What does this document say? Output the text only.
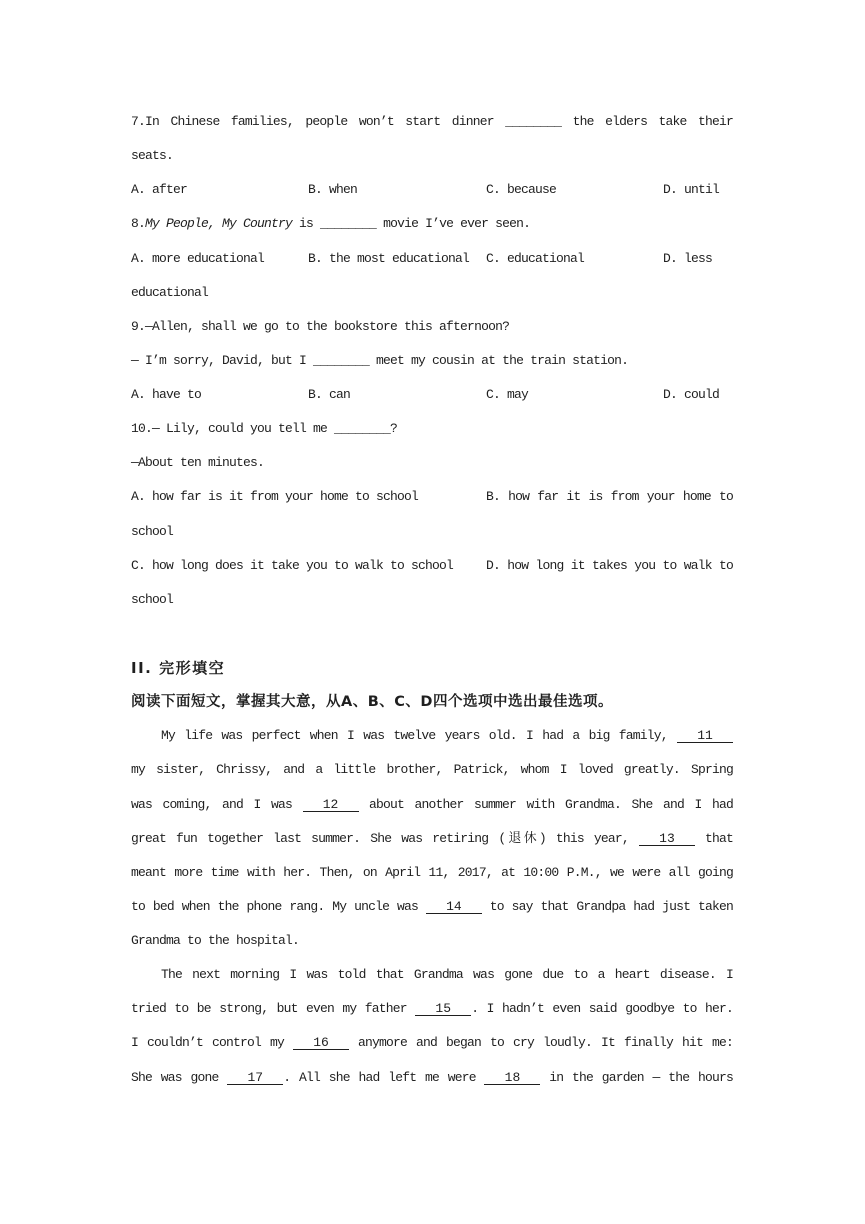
7.In Chinese families, people won’t start dinner ________ the elders take their
seats.
A. after	B. when	C. because	D. until
8.My People, My Country is ________ movie I’ve ever seen.
A. more educational	B. the most educational C. educational	D. less
educational
9.—Allen, shall we go to the bookstore this afternoon?
— I’m sorry, David, but I ________ meet my cousin at the train station.
A. have to	B. can	C. may	D. could
10.— Lily, could you tell me ________?
—About ten minutes.
A. how far is it from your home to school	B. how far it is from your home to
school
C. how long does it take you to walk to school	D. how long it takes you to walk to
school
II. 完形填空
阅读下面短文，掌握其大意，从A、B、C、D四个选项中选出最佳选项。
My life was perfect when I was twelve years old. I had a big family, 11
my sister, Chrissy, and a little brother, Patrick, whom I loved greatly. Spring
was coming, and I was 12 about another summer with Grandma. She and I had
great fun together last summer. She was retiring (退休) this year, 13 that
meant more time with her. Then, on April 11, 2017, at 10:00 P.M., we were all going
to bed when the phone rang. My uncle was 14 to say that Grandpa had just taken
Grandma to the hospital.
The next morning I was told that Grandma was gone due to a heart disease. I
tried to be strong, but even my father 15 . I hadn’t even said goodbye to her.
I couldn’t control my 16 anymore and began to cry loudly. It finally hit me:
She was gone 17 . All she had left me were 18 in the garden — the hours
